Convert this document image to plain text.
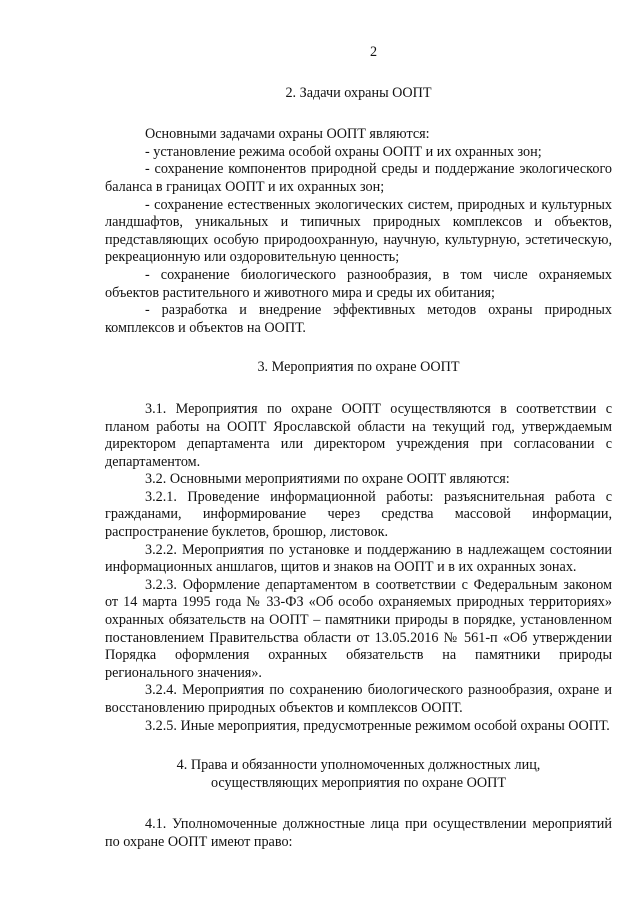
2
2. Задачи охраны ООПТ

Основными задачами охраны ООПТ являются:

- установление режима особой охраны ООПТ и их охранных зон;

- сохранение компонентов природной среды и поддержание экологического баланса в границах ООПТ и их охранных зон;

- сохранение естественных экологических систем, природных и культурных ландшафтов, уникальных и типичных природных комплексов и объектов, представляющих особую природоохранную, научную, культурную, эстетическую, рекреационную или оздоровительную ценность;

- сохранение биологического разнообразия, в том числе охраняемых объектов растительного и животного мира и среды их обитания;

- разработка и внедрение эффективных методов охраны природных комплексов и объектов на ООПТ.

3. Мероприятия по охране ООПТ

3.1. Мероприятия по охране ООПТ осуществляются в соответствии с планом работы на ООПТ Ярославской области на текущий год, утверждаемым директором департамента или директором учреждения при согласовании с департаментом.

3.2. Основными мероприятиями по охране ООПТ являются:

3.2.1. Проведение информационной работы: разъяснительная работа с гражданами, информирование через средства массовой информации, распространение буклетов, брошюр, листовок.

3.2.2. Мероприятия по установке и поддержанию в надлежащем состоянии информационных аншлагов, щитов и знаков на ООПТ и в их охранных зонах.

3.2.3. Оформление департаментом в соответствии с Федеральным законом от 14 марта 1995 года № 33-ФЗ «Об особо охраняемых природных территориях» охранных обязательств на ООПТ – памятники природы в порядке, установленном постановлением Правительства области от 13.05.2016 № 561-п «Об утверждении Порядка оформления охранных обязательств на памятники природы регионального значения».

3.2.4. Мероприятия по сохранению биологического разнообразия, охране и восстановлению природных объектов и комплексов ООПТ.

3.2.5. Иные мероприятия, предусмотренные режимом особой охраны ООПТ.

4. Права и обязанности уполномоченных должностных лиц,
осуществляющих мероприятия по охране ООПТ

4.1. Уполномоченные должностные лица при осуществлении мероприятий по охране ООПТ имеют право:
